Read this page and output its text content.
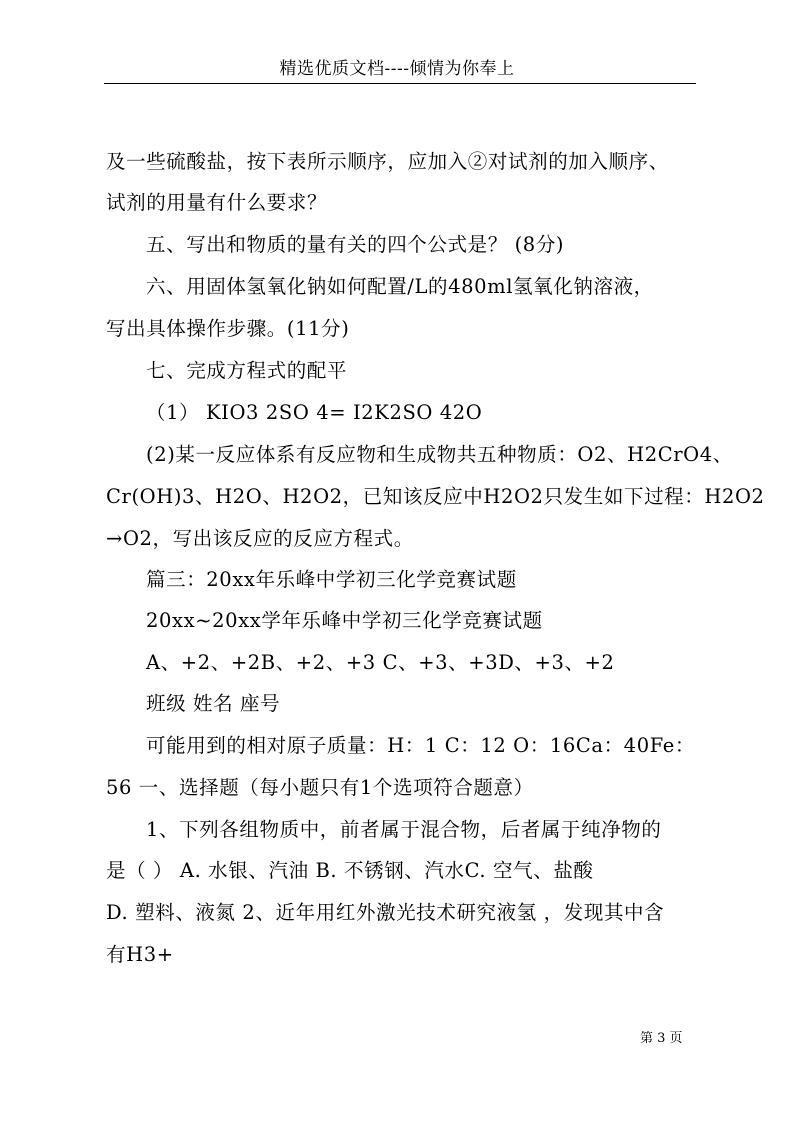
精选优质文档----倾情为你奉上
及一些硫酸盐，按下表所示顺序，应加入②对试剂的加入顺序、
试剂的用量有什么要求？
五、写出和物质的量有关的四个公式是？ (8分)
六、用固体氢氧化钠如何配置/L的480ml氢氧化钠溶液，
写出具体操作步骤。(11分)
七、完成方程式的配平
（1） KIO3 2SO 4= I2K2SO 42O
(2)某一反应体系有反应物和生成物共五种物质：O2、H2CrO4、
Cr(OH)3、H2O、H2O2，已知该反应中H2O2只发生如下过程：H2O2
→O2，写出该反应的反应方程式。
篇三：20xx年乐峰中学初三化学竞赛试题
20xx~20xx学年乐峰中学初三化学竞赛试题
A、+2、+2B、+2、+3 C、+3、+3D、+3、+2
班级 姓名 座号
可能用到的相对原子质量：H：1 C：12 O：16Ca：40Fe：
56 一、选择题（每小题只有1个选项符合题意）
1、下列各组物质中，前者属于混合物，后者属于纯净物的
是（ ） A. 水银、汽油 B. 不锈钢、汽水C. 空气、盐酸
D. 塑料、液氮 2、近年用红外激光技术研究液氢 ，发现其中含
有H3+
第 3 页
